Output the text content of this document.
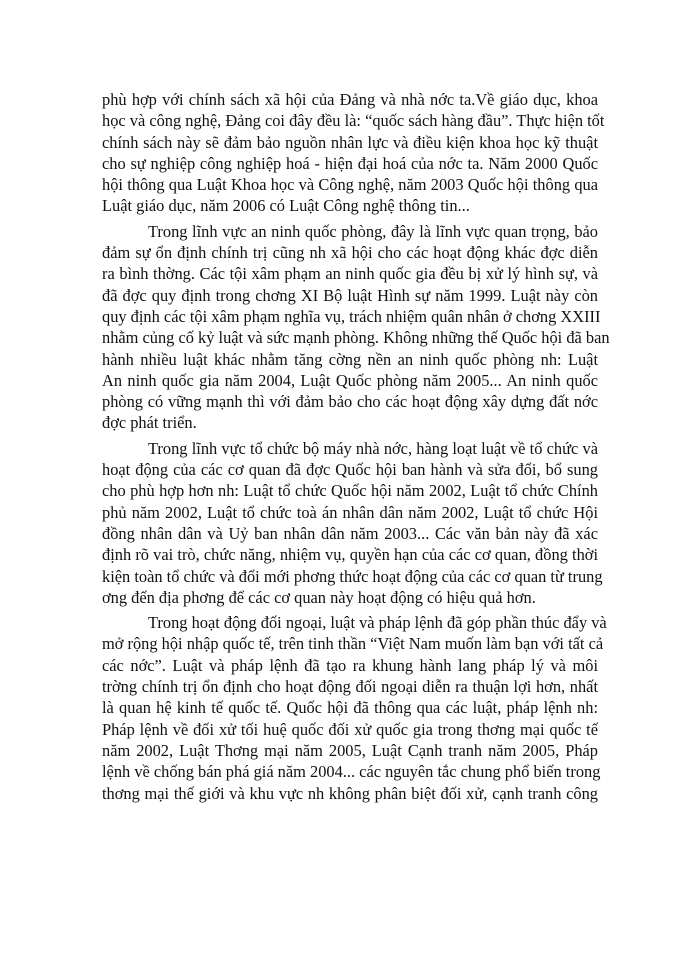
phù hợp với chính sách xã hội của Đảng và nhà nớc ta.Về giáo dục, khoa
học và công nghệ, Đảng coi đây đều là: “quốc sách hàng đầu”. Thực hiện tốt
chính sách này sẽ đảm bảo nguồn nhân lực và điều kiện khoa học kỹ thuật
cho sự nghiệp công nghiệp hoá - hiện đại hoá của nớc ta. Năm 2000 Quốc
hội thông qua Luật Khoa học và Công nghệ, năm 2003 Quốc hội thông qua
Luật giáo dục, năm 2006 có Luật Công nghệ thông tin...
Trong lĩnh vực an ninh quốc phòng, đây là lĩnh vực quan trọng, bảo
đảm sự ổn định chính trị cũng nh xã hội cho các hoạt động khác đợc diễn
ra bình thờng. Các tội xâm phạm an ninh quốc gia đều bị xử lý hình sự, và
đã đợc quy định trong chơng XI Bộ luật Hình sự năm 1999. Luật này còn
quy định các tội xâm phạm nghĩa vụ, trách nhiệm quân nhân ở chơng XXIII
nhằm củng cố kỷ luật và sức mạnh phòng. Không những thế Quốc hội đã ban
hành nhiều luật khác nhằm tăng cờng nền an ninh quốc phòng nh: Luật
An ninh quốc gia năm 2004, Luật Quốc phòng năm 2005... An ninh quốc
phòng có vững mạnh thì với đảm bảo cho các hoạt động xây dựng đất nớc
đợc phát triển.
Trong lĩnh vực tổ chức bộ máy nhà nớc, hàng loạt luật về tổ chức và
hoạt động của các cơ quan đã đợc Quốc hội ban hành và sửa đổi, bổ sung
cho phù hợp hơn nh: Luật tổ chức Quốc hội năm 2002, Luật tổ chức Chính
phủ năm 2002, Luật tổ chức toà án nhân dân năm 2002, Luật tổ chức Hội
đồng nhân dân và Uỷ ban nhân dân năm 2003... Các văn bản này đã xác
định rõ vai trò, chức năng, nhiệm vụ, quyền hạn của các cơ quan, đồng thời
kiện toàn tổ chức và đổi mới phơng thức hoạt động của các cơ quan từ trung
ơng đến địa phơng để các cơ quan này hoạt động có hiệu quả hơn.
Trong hoạt động đối ngoại, luật và pháp lệnh đã góp phần thúc đẩy và
mở rộng hội nhập quốc tế, trên tinh thần “Việt Nam muốn làm bạn với tất cả
các nớc”. Luật và pháp lệnh đã tạo ra khung hành lang pháp lý và môi
trờng chính trị ổn định cho hoạt động đối ngoại diễn ra thuận lợi hơn, nhất
là quan hệ kinh tế quốc tế. Quốc hội đã thông qua các luật, pháp lệnh nh:
Pháp lệnh về đối xử tối huệ quốc đối xử quốc gia trong thơng mại quốc tế
năm 2002, Luật Thơng mại năm 2005, Luật Cạnh tranh năm 2005, Pháp
lệnh về chống bán phá giá năm 2004... các nguyên tắc chung phổ biến trong
thơng mại thế giới và khu vực nh không phân biệt đối xử, cạnh tranh công
